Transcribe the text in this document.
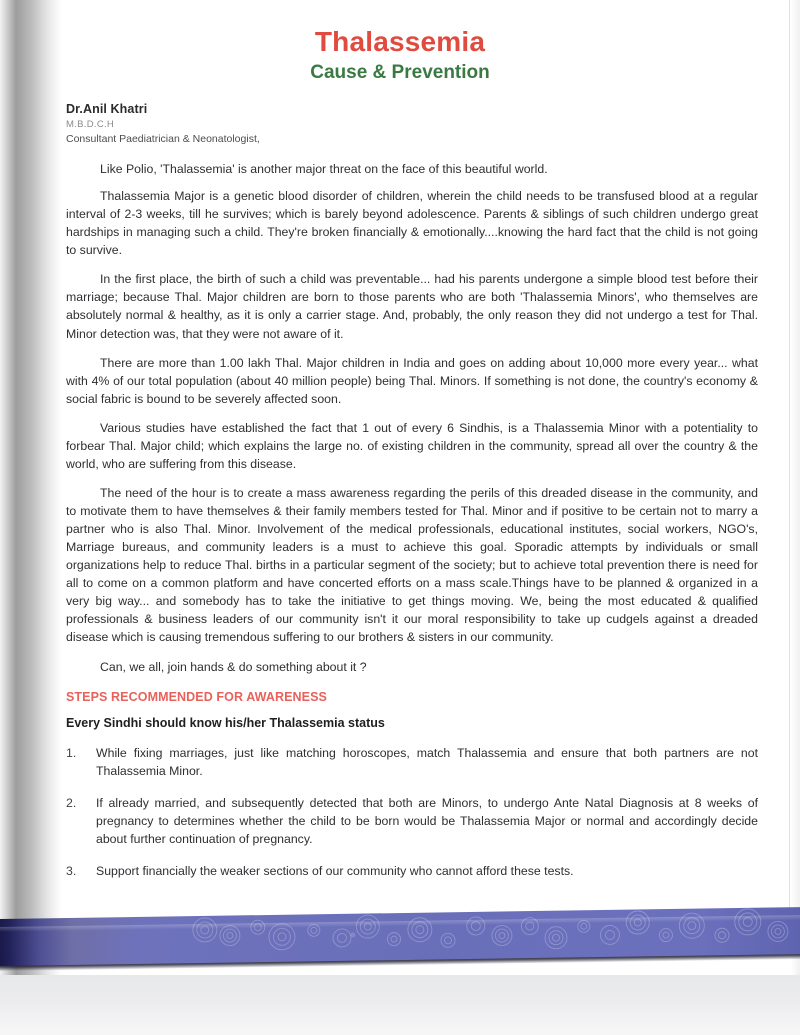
Thalassemia
Cause & Prevention
Dr.Anil Khatri
M.B.D.C.H
Consultant Paediatrician & Neonatologist,

Like Polio, 'Thalassemia' is another major threat on the face of this beautiful world.

Thalassemia Major is a genetic blood disorder of children, wherein the child needs to be transfused blood at a regular interval of 2-3 weeks, till he survives; which is barely beyond adolescence. Parents & siblings of such children undergo great hardships in managing such a child. They're broken financially & emotionally....knowing the hard fact that the child is not going to survive.

In the first place, the birth of such a child was preventable... had his parents undergone a simple blood test before their marriage; because Thal. Major children are born to those parents who are both 'Thalassemia Minors', who themselves are absolutely normal & healthy, as it is only a carrier stage. And, probably, the only reason they did not undergo a test for Thal. Minor detection was, that they were not aware of it.

There are more than 1.00 lakh Thal. Major children in India and goes on adding about 10,000 more every year... what with 4% of our total population (about 40 million people) being Thal. Minors. If something is not done, the country's economy & social fabric is bound to be severely affected soon.

Various studies have established the fact that 1 out of every 6 Sindhis, is a Thalassemia Minor with a potentiality to forbear Thal. Major child; which explains the large no. of existing children in the community, spread all over the country & the world, who are suffering from this disease.

The need of the hour is to create a mass awareness regarding the perils of this dreaded disease in the community, and to motivate them to have themselves & their family members tested for Thal. Minor and if positive to be certain not to marry a partner who is also Thal. Minor. Involvement of the medical professionals, educational institutes, social workers, NGO's, Marriage bureaus, and community leaders is a must to achieve this goal. Sporadic attempts by individuals or small organizations help to reduce Thal. births in a particular segment of the society; but to achieve total prevention there is need for all to come on a common platform and have concerted efforts on a mass scale.Things have to be planned & organized in a very big way... and somebody has to take the initiative to get things moving. We, being the most educated & qualified professionals & business leaders of our community isn't it our moral responsibility to take up cudgels against a dreaded disease which is causing tremendous suffering to our brothers & sisters in our community.

Can, we all, join hands & do something about it ?

STEPS RECOMMENDED FOR AWARENESS
Every Sindhi should know his/her Thalassemia status
1.	While fixing marriages, just like matching horoscopes, match Thalassemia and ensure that both partners are not Thalassemia Minor.
2.	If already married, and subsequently detected that both are Minors, to undergo Ante Natal Diagnosis at 8 weeks of pregnancy to determines whether the child to be born would be Thalassemia Major or normal and accordingly decide about further continuation of pregnancy.
3.	Support financially the weaker sections of our community who cannot afford these tests.
